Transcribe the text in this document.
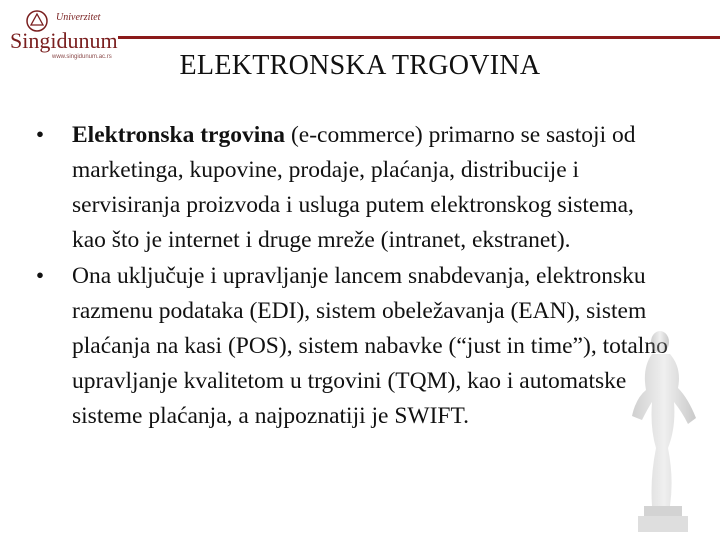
Univerzitet
Singidunum
www.singidunum.ac.rs	ELEKTRONSKA TRGOVINA

• Elektronska trgovina (e-commerce) primarno se sastoji od marketinga, kupovine, prodaje, plaćanja, distribucije i servisiranja proizvoda i usluga putem elektronskog sistema, kao što je internet i druge mreže (intranet, ekstranet).

• Ona uključuje i upravljanje lancem snabdevanja, elektronsku razmenu podataka (EDI), sistem obeležavanja (EAN), sistem plaćanja na kasi (POS), sistem nabavke (“just in time”), totalno upravljanje kvalitetom u trgovini (TQM), kao i automatske sisteme plaćanja, a najpoznatiji je SWIFT.
